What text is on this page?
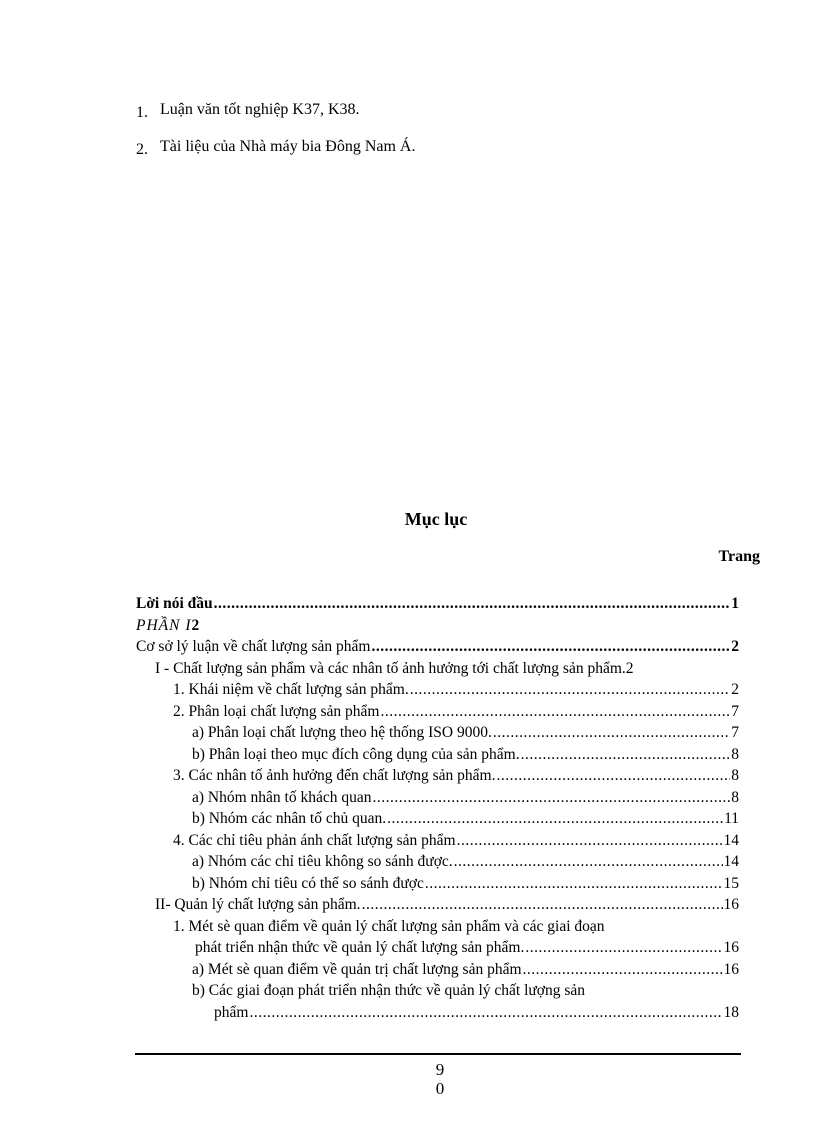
1. Luận văn tốt nghiệp K37, K38.
2. Tài liệu của Nhà máy bia Đông Nam Á.
Mục lục
Trang
Lời nói đầu .....	1
PHẦN I2
Cơ sở lý luận về chất lượng sản phẩm .....	2
I - Chất lượng sản phẩm và các nhân tố ảnh hưởng tới chất lượng sản phẩm. 2
1. Khái niệm về chất lượng sản phẩm. .....	2
2. Phân loại chất lượng sản phẩm .....	7
a) Phân loại chất lượng theo hệ thống ISO 9000. .....	7
b) Phân loại theo mục đích công dụng của sản phẩm. .....	8
3. Các nhân tố ảnh hưởng đến chất lượng sản phẩm. .....	8
a) Nhóm nhân tố khách quan .....	8
b) Nhóm các nhân tố chủ quan. .....	11
4. Các chỉ tiêu phản ánh chất lượng sản phẩm .....	14
a) Nhóm các chỉ tiêu không so sánh được. .....	14
b) Nhóm chỉ tiêu có thể so sánh được .....	15
II- Quản lý chất lượng sản phẩm. .....	16
1. Mét sè quan điểm về quản lý chất lượng sản phẩm và các giai đoạn
phát triển nhận thức về quản lý chất lượng sản phẩm. .....	16
a) Mét sè quan điểm về quản trị chất lượng sản phẩm .....	16
b) Các giai đoạn phát triển nhận thức về quản lý chất lượng sản
phẩm .....	18
9
0
